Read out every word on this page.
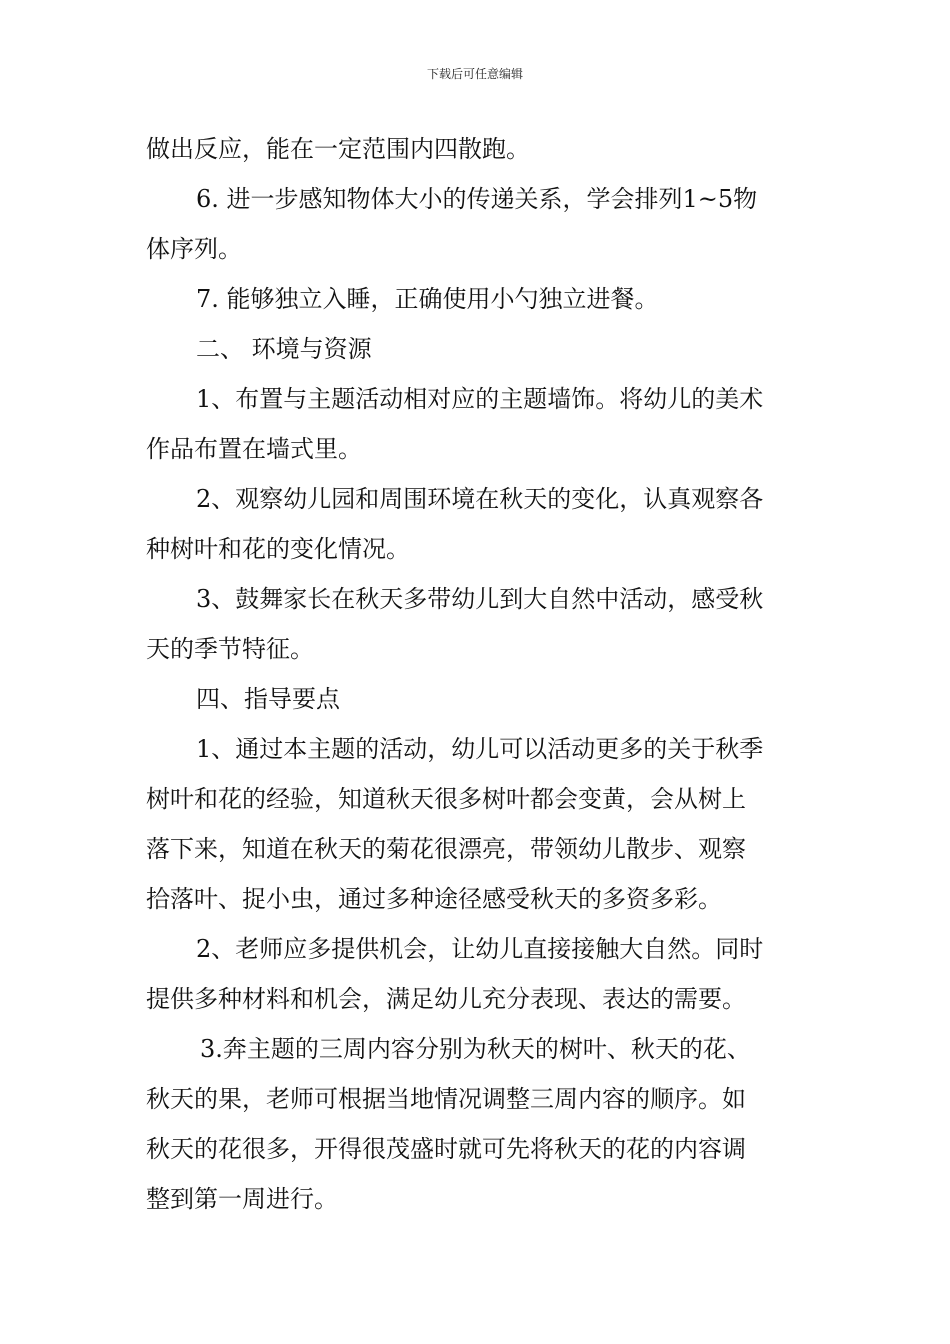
下载后可任意编辑
做出反应，能在一定范围内四散跑。
6. 进一步感知物体大小的传递关系，学会排列1~5物
体序列。
7. 能够独立入睡，正确使用小勺独立进餐。
二、 环境与资源
1、布置与主题活动相对应的主题墙饰。将幼儿的美术
作品布置在墙式里。
2、观察幼儿园和周围环境在秋天的变化，认真观察各
种树叶和花的变化情况。
3、鼓舞家长在秋天多带幼儿到大自然中活动，感受秋
天的季节特征。
四、指导要点
1、通过本主题的活动，幼儿可以活动更多的关于秋季
树叶和花的经验，知道秋天很多树叶都会变黄，会从树上
落下来，知道在秋天的菊花很漂亮，带领幼儿散步、观察
拾落叶、捉小虫，通过多种途径感受秋天的多资多彩。
2、老师应多提供机会，让幼儿直接接触大自然。同时
提供多种材料和机会，满足幼儿充分表现、表达的需要。
3.奔主题的三周内容分别为秋天的树叶、秋天的花、
秋天的果，老师可根据当地情况调整三周内容的顺序。如
秋天的花很多，开得很茂盛时就可先将秋天的花的内容调
整到第一周进行。
